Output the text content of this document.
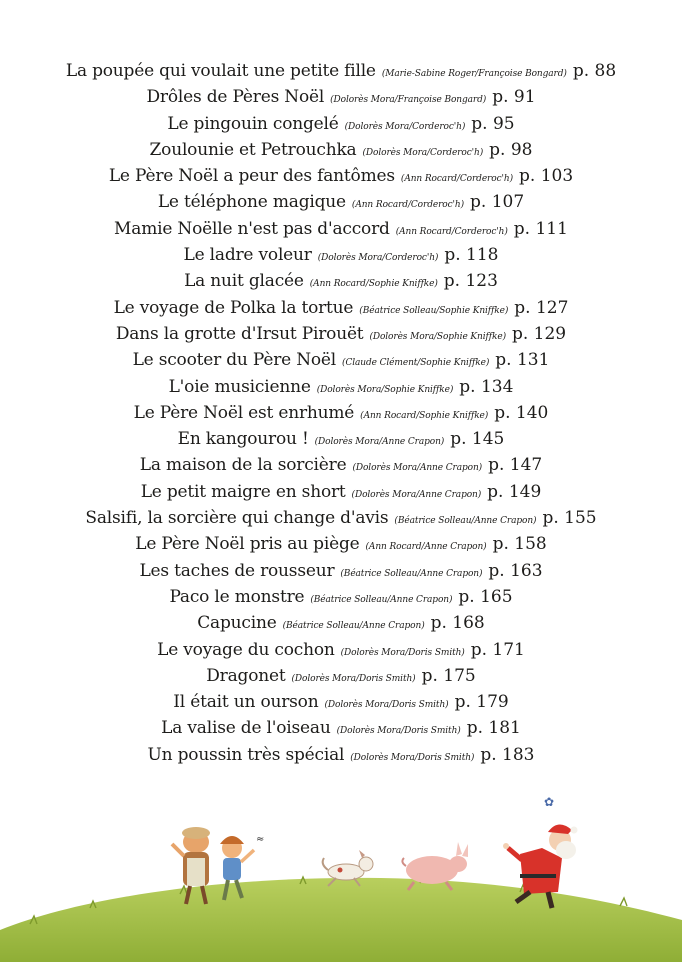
La poupée qui voulait une petite fille (Marie-Sabine Roger/Françoise Bongard) p. 88
Drôles de Pères Noël (Dolorès Mora/Françoise Bongard) p. 91
Le pingouin congelé (Dolorès Mora/Corderoc'h) p. 95
Zoulounie et Petrouchka (Dolorès Mora/Corderoc'h) p. 98
Le Père Noël a peur des fantômes (Ann Rocard/Corderoc'h) p. 103
Le téléphone magique (Ann Rocard/Corderoc'h) p. 107
Mamie Noëlle n'est pas d'accord (Ann Rocard/Corderoc'h) p. 111
Le ladre voleur (Dolorès Mora/Corderoc'h) p. 118
La nuit glacée (Ann Rocard/Sophie Kniffke) p. 123
Le voyage de Polka la tortue (Béatrice Solleau/Sophie Kniffke) p. 127
Dans la grotte d'Irsut Pirouët (Dolorès Mora/Sophie Kniffke) p. 129
Le scooter du Père Noël (Claude Clément/Sophie Kniffke) p. 131
L'oie musicienne (Dolorès Mora/Sophie Kniffke) p. 134
Le Père Noël est enrhumé (Ann Rocard/Sophie Kniffke) p. 140
En kangourou ! (Dolorès Mora/Anne Crapon) p. 145
La maison de la sorcière (Dolorès Mora/Anne Crapon) p. 147
Le petit maigre en short (Dolorès Mora/Anne Crapon) p. 149
Salsifi, la sorcière qui change d'avis (Béatrice Solleau/Anne Crapon) p. 155
Le Père Noël pris au piège (Ann Rocard/Anne Crapon) p. 158
Les taches de rousseur (Béatrice Solleau/Anne Crapon) p. 163
Paco le monstre (Béatrice Solleau/Anne Crapon) p. 165
Capucine (Béatrice Solleau/Anne Crapon) p. 168
Le voyage du cochon (Dolorès Mora/Doris Smith) p. 171
Dragonet (Dolorès Mora/Doris Smith) p. 175
Il était un ourson (Dolorès Mora/Doris Smith) p. 179
La valise de l'oiseau (Dolorès Mora/Doris Smith) p. 181
Un poussin très spécial (Dolorès Mora/Doris Smith) p. 183
≈
✿
